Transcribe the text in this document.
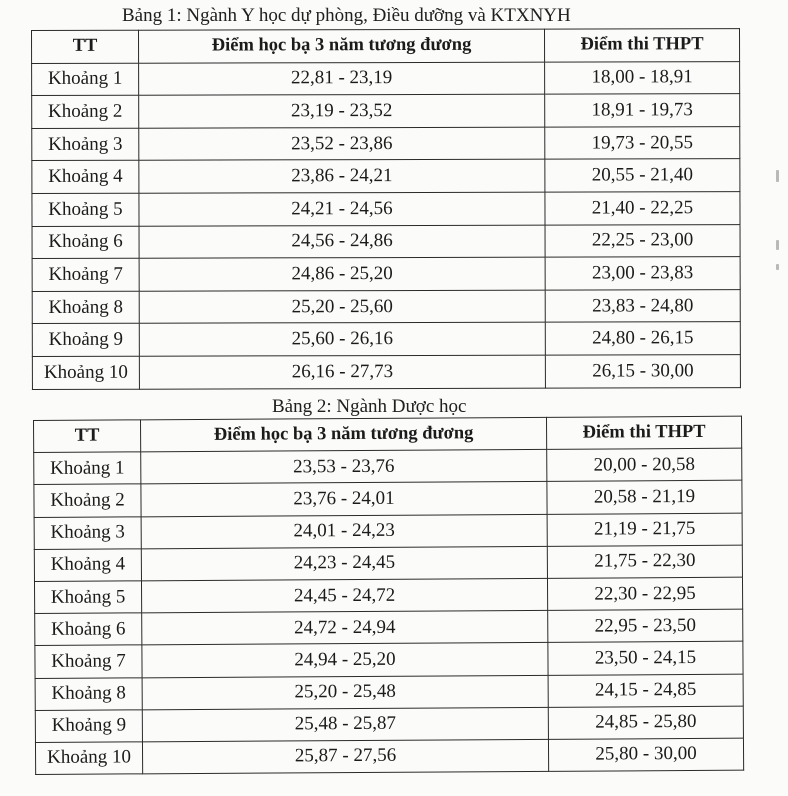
Bảng 1: Ngành Y học dự phòng, Điều dưỡng và KTXNYH
TT	Điểm học bạ 3 năm tương đương	Điểm thi THPT
Khoảng 1	22,81 - 23,19	18,00 - 18,91
Khoảng 2	23,19 - 23,52	18,91 - 19,73
Khoảng 3	23,52 - 23,86	19,73 - 20,55
Khoảng 4	23,86 - 24,21	20,55 - 21,40
Khoảng 5	24,21 - 24,56	21,40 - 22,25
Khoảng 6	24,56 - 24,86	22,25 - 23,00
Khoảng 7	24,86 - 25,20	23,00 - 23,83
Khoảng 8	25,20 - 25,60	23,83 - 24,80
Khoảng 9	25,60 - 26,16	24,80 - 26,15
Khoảng 10	26,16 - 27,73	26,15 - 30,00
Bảng 2: Ngành Dược học
TT	Điểm học bạ 3 năm tương đương	Điểm thi THPT
Khoảng 1	23,53 - 23,76	20,00 - 20,58
Khoảng 2	23,76 - 24,01	20,58 - 21,19
Khoảng 3	24,01 - 24,23	21,19 - 21,75
Khoảng 4	24,23 - 24,45	21,75 - 22,30
Khoảng 5	24,45 - 24,72	22,30 - 22,95
Khoảng 6	24,72 - 24,94	22,95 - 23,50
Khoảng 7	24,94 - 25,20	23,50 - 24,15
Khoảng 8	25,20 - 25,48	24,15 - 24,85
Khoảng 9	25,48 - 25,87	24,85 - 25,80
Khoảng 10	25,87 - 27,56	25,80 - 30,00
